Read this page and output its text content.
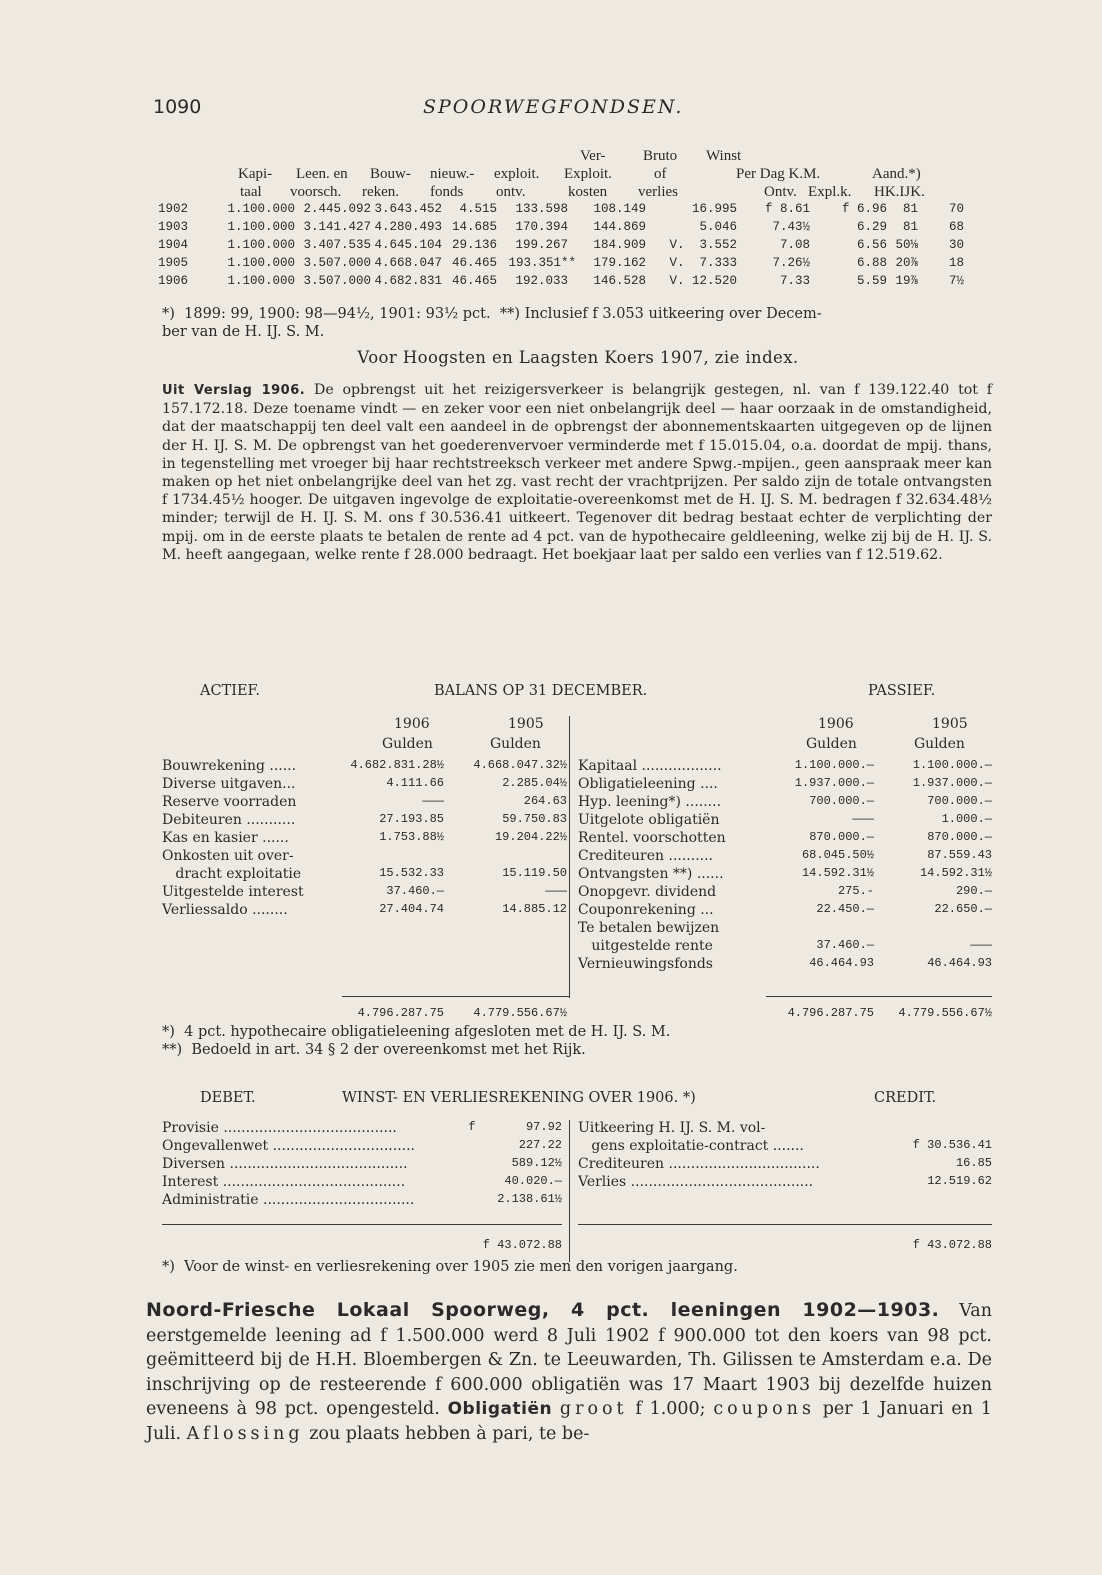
1090	SPOORWEGFONDSEN.
Ver- Bruto Winst
Kapi- Leen. en Bouw- nieuw.- exploit. Exploit.	of	Per Dag K.M.	Aand.*)
taal voorsch. reken. fonds ontv.	kosten verlies	Ontv.   Expl.k. HK.IJK.
1902	1.100.000 2.445.092 3.643.452 4.515 133.598 108.149	16.995 f 8.61	f 6.96 81 70
1903	1.100.000 3.141.427 4.280.493 14.685 170.394 144.869	5.046	7.43½	6.29 81 68
1904	1.100.000 3.407.535 4.645.104 29.136 199.267 184.909 V.  3.552	7.08	6.56 50⅛ 30
1905	1.100.000 3.507.000 4.668.047 46.465 193.351** 179.162 V.  7.333	7.26½	6.88 20⅞ 18
1906	1.100.000 3.507.000 4.682.831 46.465 192.033 146.528 V. 12.520	7.33	5.59 19⅞ 7½
*)  1899: 99, 1900: 98—94½, 1901: 93½ pct.  **) Inclusief f 3.053 uitkeering over Decem-
ber van de H. IJ. S. M.
Voor Hoogsten en Laagsten Koers 1907, zie index.
Uit Verslag 1906. De opbrengst uit het reizigersverkeer is belangrijk gestegen, nl. van f 139.122.40 tot f 157.172.18. Deze toename vindt — en zeker voor een niet onbelangrijk deel — haar oorzaak in de omstandigheid, dat der maatschappij ten deel valt een aandeel in de opbrengst der abonnementskaarten uitgegeven op de lijnen der H. IJ. S. M. De opbrengst van het goederenvervoer verminderde met f 15.015.04, o.a. doordat de mpij. thans, in tegenstelling met vroeger bij haar rechtstreeksch verkeer met andere Spwg.-mpijen., geen aanspraak meer kan maken op het niet onbelangrijke deel van het zg. vast recht der vrachtprijzen. Per saldo zijn de totale ontvangsten f 1734.45½ hooger. De uitgaven ingevolge de exploitatie-overeenkomst met de H. IJ. S. M. bedragen f 32.634.48½ minder; terwijl de H. IJ. S. M. ons f 30.536.41 uitkeert. Tegenover dit bedrag bestaat echter de verplichting der mpij. om in de eerste plaats te betalen de rente ad 4 pct. van de hypothecaire geldleening, welke zij bij de H. IJ. S. M. heeft aangegaan, welke rente f 28.000 bedraagt. Het boekjaar laat per saldo een verlies van f 12.519.62.
ACTIEF.	BALANS OP 31 DECEMBER.	PASSIEF.
1906	1905	1906	1905
Gulden	Gulden	Gulden	Gulden
Bouwrekening ......	4.682.831.28½ 4.668.047.32½
Diverse uitgaven...	4.111.66	2.285.04½
Reserve voorraden	———	264.63
Debiteuren ...........	27.193.85	59.750.83
Kas en kasier ......	1.753.88½	19.204.22½
Onkosten uit over-
dracht exploitatie	15.532.33	15.119.50
Uitgestelde interest	37.460.—	———
Verliessaldo ........	27.404.74	14.885.12
Kapitaal ..................	1.100.000.—	1.100.000.—
Obligatieleening ....	1.937.000.—	1.937.000.—
Hyp. leening*) ........	700.000.—	700.000.—
Uitgelote obligatiën	———	1.000.—
Rentel. voorschotten	870.000.—	870.000.—
Crediteuren ..........	68.045.50½	87.559.43
Ontvangsten **) ......	14.592.31½	14.592.31½
Onopgevr. dividend	275.-	290.—
Couponrekening ...	22.450.—	22.650.—
Te betalen bewijzen
uitgestelde rente	37.460.—	———
Vernieuwingsfonds	46.464.93	46.464.93
4.796.287.75 4.779.556.67½	4.796.287.75 4.779.556.67½
*)  4 pct. hypothecaire obligatieleening afgesloten met de H. IJ. S. M.
**)  Bedoeld in art. 34 § 2 der overeenkomst met het Rijk.
DEBET.	WINST- EN VERLIESREKENING OVER 1906. *)	CREDIT.
Provisie .......................................	f       97.92
Ongevallenwet ................................	227.22
Diversen ........................................	589.12½
Interest .........................................	40.020.—
Administratie ..................................	2.138.61½
Uitkeering H. IJ. S. M. vol-
gens exploitatie-contract .......	f 30.536.41
Crediteuren ..................................	16.85
Verlies .........................................	12.519.62
f 43.072.88	f 43.072.88
*)  Voor de winst- en verliesrekening over 1905 zie men den vorigen jaargang.
Noord-Friesche Lokaal Spoorweg, 4 pct. leeningen 1902—1903. Van eerstgemelde leening ad f 1.500.000 werd 8 Juli 1902 f 900.000 tot den koers van 98 pct. geëmitteerd bij de H.H. Bloembergen & Zn. te Leeuwarden, Th. Gilissen te Amsterdam e.a. De inschrijving op de resteerende f 600.000 obligatiën was 17 Maart 1903 bij dezelfde huizen eveneens à 98 pct. opengesteld. Obligatiën groot f 1.000; coupons per 1 Januari en 1 Juli. Aflossing zou plaats hebben à pari, te be-
